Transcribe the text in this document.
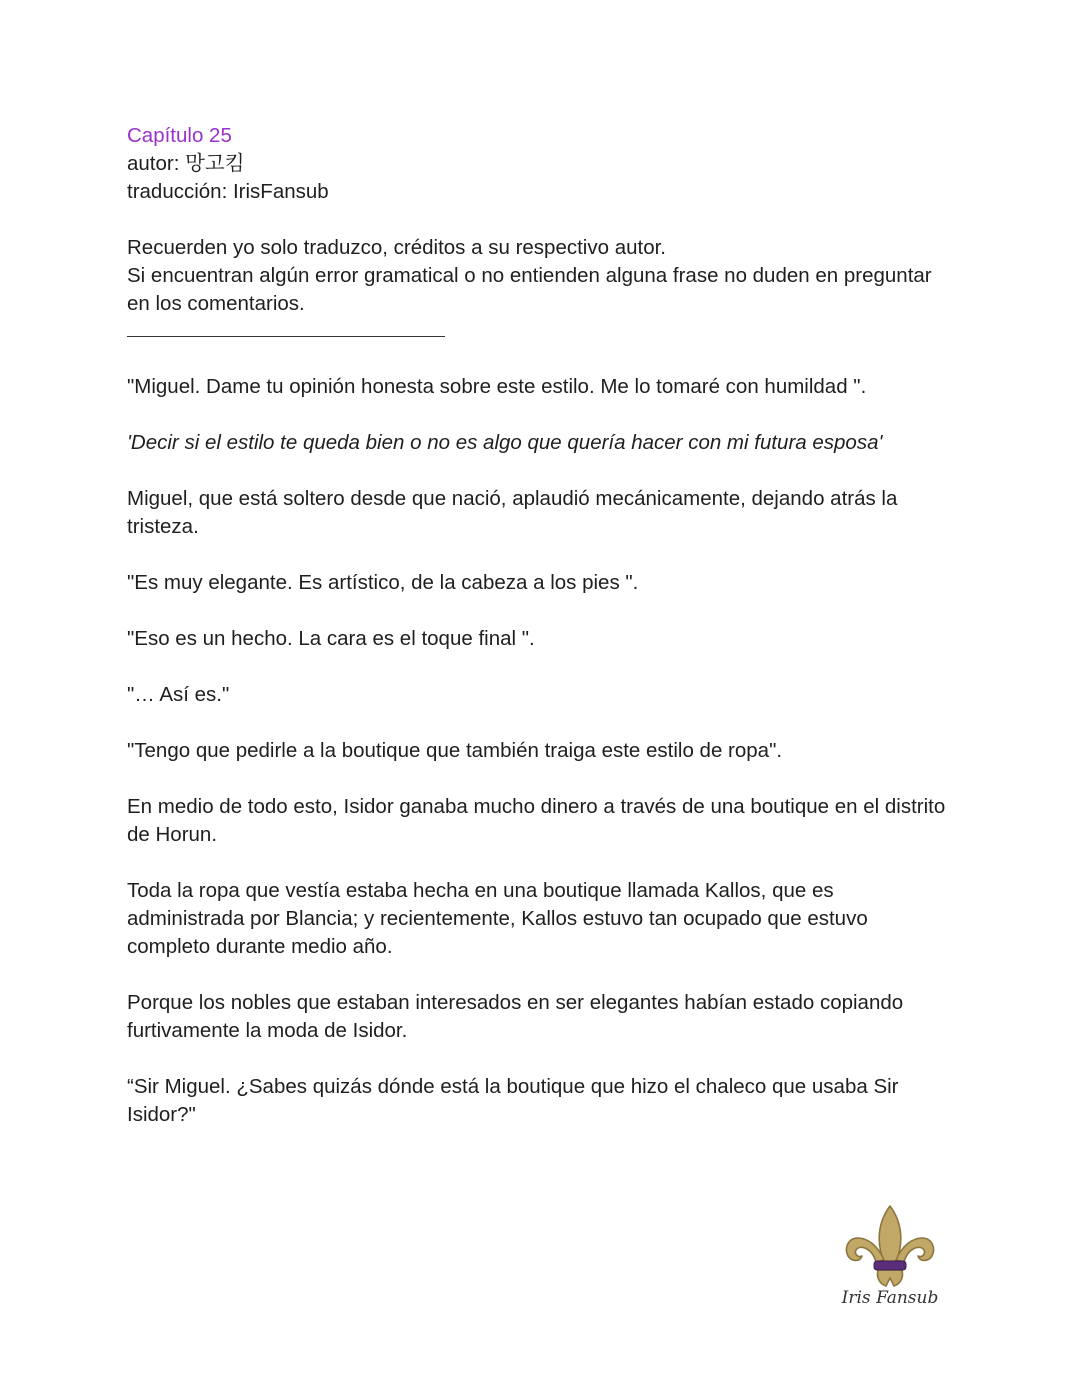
Capítulo 25

autor: 망고킴

traducción: IrisFansub

Recuerden yo solo traduzco, créditos a su respectivo autor.

Si encuentran algún error gramatical o no entienden alguna frase no duden en preguntar en los comentarios.

"Miguel. Dame tu opinión honesta sobre este estilo. Me lo tomaré con humildad ".

'Decir si el estilo te queda bien o no es algo que quería hacer con mi futura esposa'

Miguel, que está soltero desde que nació, aplaudió mecánicamente, dejando atrás la tristeza.

"Es muy elegante. Es artístico, de la cabeza a los pies ".

"Eso es un hecho. La cara es el toque final ".

"… Así es."

"Tengo que pedirle a la boutique que también traiga este estilo de ropa".

En medio de todo esto, Isidor ganaba mucho dinero a través de una boutique en el distrito de Horun.

Toda la ropa que vestía estaba hecha en una boutique llamada Kallos, que es administrada por Blancia; y recientemente, Kallos estuvo tan ocupado que estuvo completo durante medio año.

Porque los nobles que estaban interesados en ser elegantes habían estado copiando furtivamente la moda de Isidor.

“Sir Miguel. ¿Sabes quizás dónde está la boutique que hizo el chaleco que usaba Sir Isidor?"

Iris Fansub
